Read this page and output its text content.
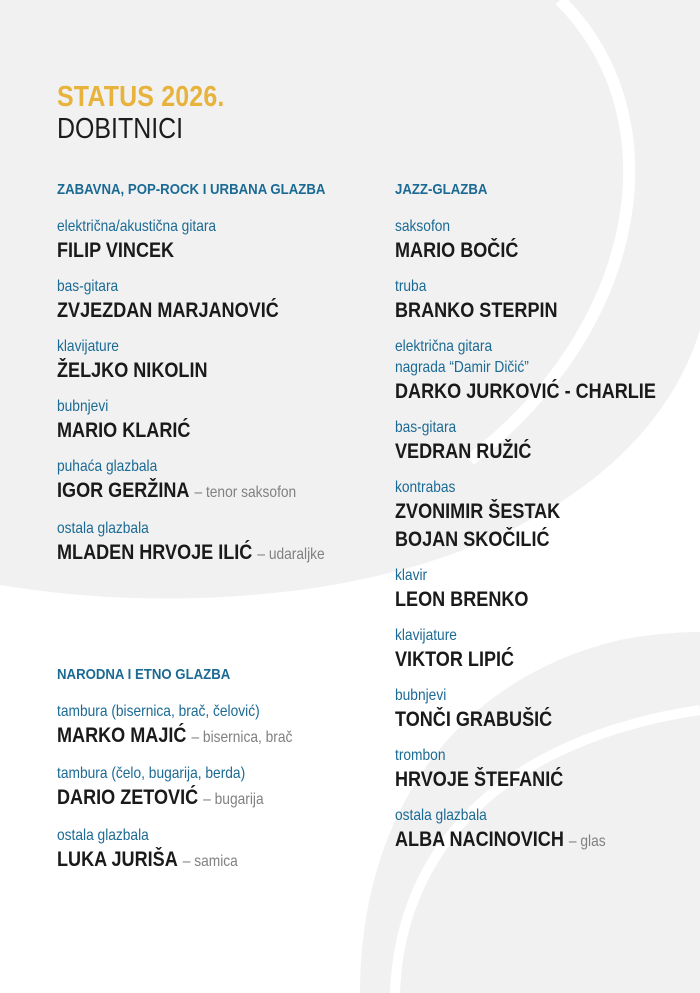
STATUS 2026.
DOBITNICI
ZABAVNA, POP-ROCK I URBANA GLAZBA
električna/akustična gitara
FILIP VINCEK
bas-gitara
ZVJEZDAN MARJANOVIĆ
klavijature
ŽELJKO NIKOLIN
bubnjevi
MARIO KLARIĆ
puhaća glazbala
IGOR GERŽINA – tenor saksofon
ostala glazbala
MLADEN HRVOJE ILIĆ – udaraljke
NARODNA I ETNO GLAZBA
tambura (bisernica, brač, čelović)
MARKO MAJIĆ – bisernica, brač
tambura (čelo, bugarija, berda)
DARIO ZETOVIĆ – bugarija
ostala glazbala
LUKA JURIŠA – samica
JAZZ-GLAZBA
saksofon
MARIO BOČIĆ
truba
BRANKO STERPIN
električna gitara
nagrada “Damir Dičić”
DARKO JURKOVIĆ - CHARLIE
bas-gitara
VEDRAN RUŽIĆ
kontrabas
ZVONIMIR ŠESTAK
BOJAN SKOČILIĆ
klavir
LEON BRENKO
klavijature
VIKTOR LIPIĆ
bubnjevi
TONČI GRABUŠIĆ
trombon
HRVOJE ŠTEFANIĆ
ostala glazbala
ALBA NACINOVICH – glas
